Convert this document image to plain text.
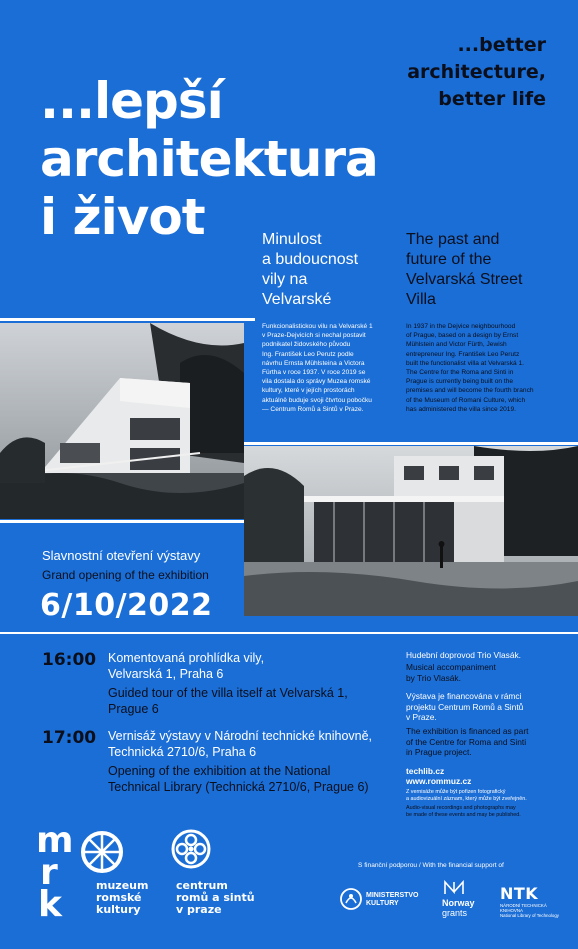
...lepší
architektura
i život
...better
architecture,
better life
Minulost
a budoucnost
vily na
Velvarské
The past and
future of the
Velvarská Street
Villa
Funkcionalistickou vilu na Velvarské 1
v Praze-Dejvicích si nechal postavit
podnikatel židovského původu
Ing. František Leo Perutz podle
návrhu Ernsta Mühlsteina a Victora
Fürtha v roce 1937. V roce 2019 se
vila dostala do správy Muzea romské
kultury, které v jejích prostorách
aktuálně buduje svoji čtvrtou pobočku
— Centrum Romů a Sintů v Praze.
In 1937 in the Dejvice neighbourhood
of Prague, based on a design by Ernst
Mühlstein and Victor Fürth, Jewish
entrepreneur Ing. František Leo Perutz
built the functionalist villa at Velvarská 1.
The Centre for the Roma and Sinti in
Prague is currently being built on the
premises and will become the fourth branch
of the Museum of Romani Culture, which
has administered the villa since 2019.
Slavnostní otevření výstavy
Grand opening of the exhibition
6/10/2022
16:00 Komentovaná prohlídka vily,
Velvarská 1, Praha 6
Guided tour of the villa itself at Velvarská 1,
Prague 6
17:00 Vernisáž výstavy v Národní technické knihovně,
Technická 2710/6, Praha 6
Opening of the exhibition at the National
Technical Library (Technická 2710/6, Prague 6)
Hudební doprovod Trio Vlasák.
Musical accompaniment
by Trio Vlasák.
Výstava je financována v rámci
projektu Centrum Romů a Sintů
v Praze.
The exhibition is financed as part
of the Centre for Roma and Sinti
in Prague project.
techlib.cz
www.rommuz.cz
Z vernisáže může být pořizen fotografický
a audiovizuální záznam, který může být zveřejněn.
Audio-visual recordings and photographs may
be made of these events and may be published.
m
r
k	muzeum
romské
kultury
centrum
romů a sintů
v praze
S finanční podporou / With the financial support of
MINISTERSTVO
KULTURY	Norway
grants
NTK
NÁRODNÍ TECHNICKÁ
KNIHOVNA
National Library of Technology
